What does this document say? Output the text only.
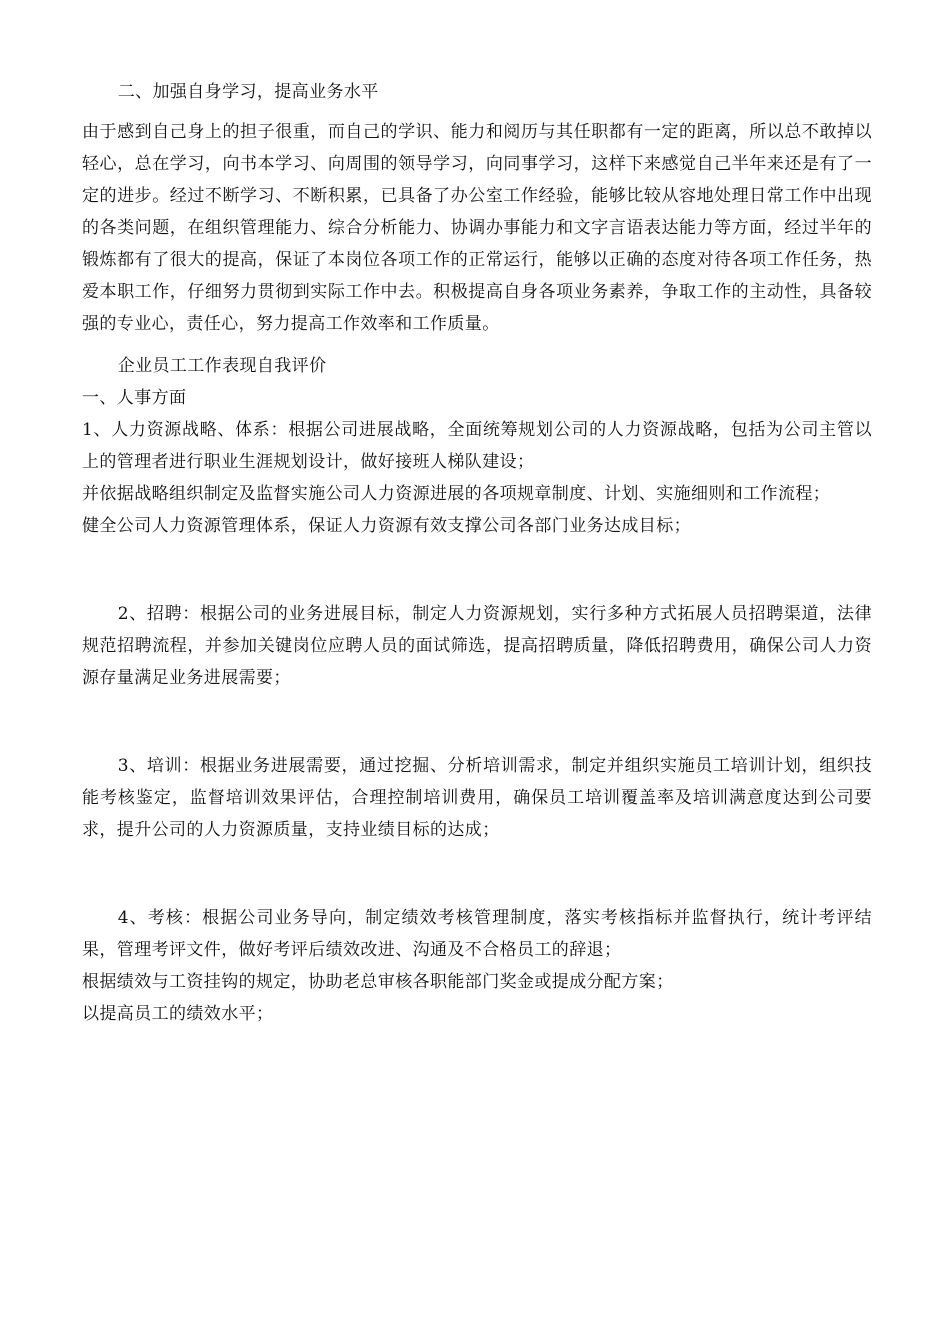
二、加强自身学习，提高业务水平

由于感到自己身上的担子很重，而自己的学识、能力和阅历与其任职都有一定的距离，所以总不敢掉以轻心，总在学习，向书本学习、向周围的领导学习，向同事学习，这样下来感觉自己半年来还是有了一定的进步。经过不断学习、不断积累，已具备了办公室工作经验，能够比较从容地处理日常工作中出现的各类问题，在组织管理能力、综合分析能力、协调办事能力和文字言语表达能力等方面，经过半年的锻炼都有了很大的提高，保证了本岗位各项工作的正常运行，能够以正确的态度对待各项工作任务，热爱本职工作，仔细努力贯彻到实际工作中去。积极提高自身各项业务素养，争取工作的主动性，具备较强的专业心，责任心，努力提高工作效率和工作质量。

企业员工工作表现自我评价

一、人事方面

1、人力资源战略、体系：根据公司进展战略，全面统筹规划公司的人力资源战略，包括为公司主管以上的管理者进行职业生涯规划设计，做好接班人梯队建设；

并依据战略组织制定及监督实施公司人力资源进展的各项规章制度、计划、实施细则和工作流程；

健全公司人力资源管理体系，保证人力资源有效支撑公司各部门业务达成目标；

2、招聘：根据公司的业务进展目标，制定人力资源规划，实行多种方式拓展人员招聘渠道，法律规范招聘流程，并参加关键岗位应聘人员的面试筛选，提高招聘质量，降低招聘费用，确保公司人力资源存量满足业务进展需要；

3、培训：根据业务进展需要，通过挖掘、分析培训需求，制定并组织实施员工培训计划，组织技能考核鉴定，监督培训效果评估，合理控制培训费用，确保员工培训覆盖率及培训满意度达到公司要求，提升公司的人力资源质量，支持业绩目标的达成；

4、考核：根据公司业务导向，制定绩效考核管理制度，落实考核指标并监督执行，统计考评结果，管理考评文件，做好考评后绩效改进、沟通及不合格员工的辞退；

根据绩效与工资挂钩的规定，协助老总审核各职能部门奖金或提成分配方案；

以提高员工的绩效水平；
